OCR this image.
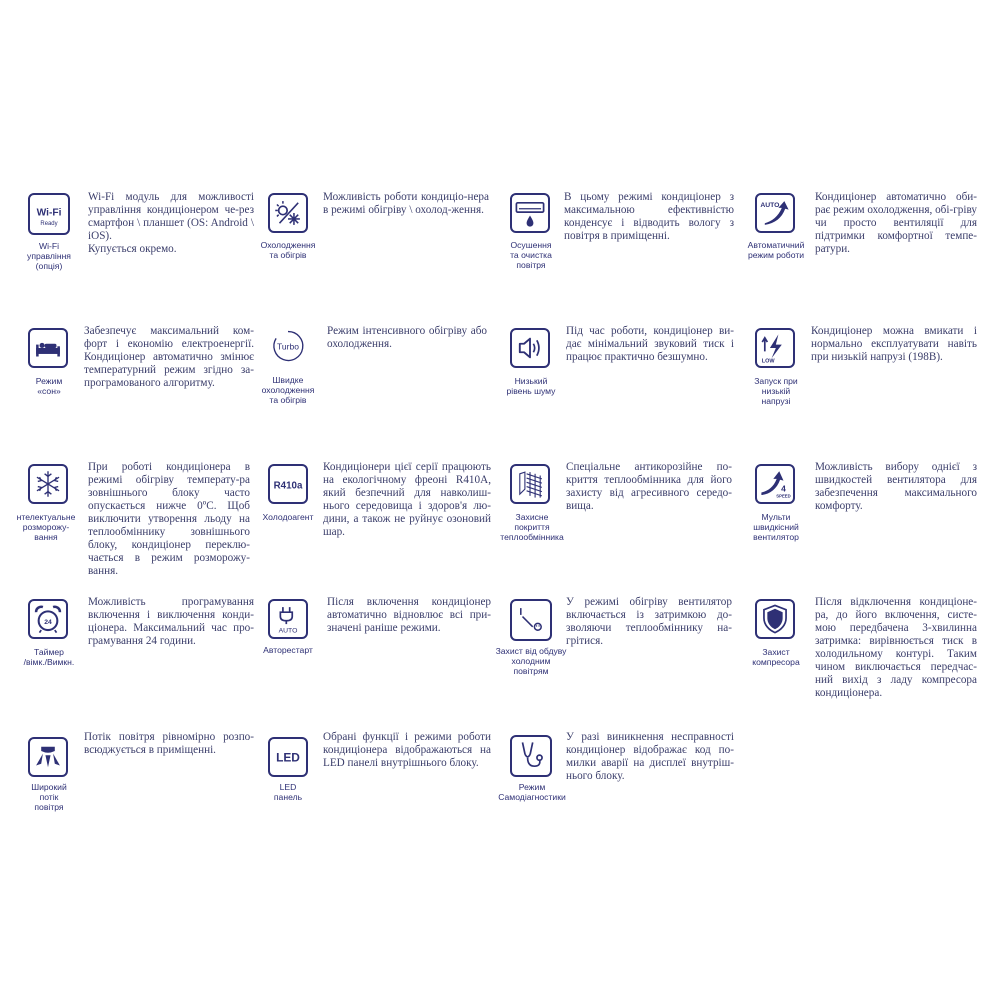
Wi-Fi
Ready
Wi-Fi
управління
(опція)
Wi-Fi модуль для можливості управління кондиціонером че-рез смартфон \ планшет (OS: Android \ iOS).
Купується окремо.	Охолодження
та обігрів
Можливість роботи кондиціо-нера в режимі обігріву \ охолод-ження.
Осушення
та очистка
повітря
В цьому режимі кондиціонер з максимальною ефективністю конденсує і відводить вологу з повітря в приміщенні.
AUTO
Автоматичний
режим роботи
Кондиціонер автоматично оби-рає режим охолодження, обі-гріву чи просто вентиляції для підтримки комфортної темпе-ратури.
Режим
«сон»
Забезпечує максимальний ком-форт і економію електроенергії. Кондиціонер автоматично змінює температурний режим згідно за-програмованого алгоритму.
Turbo
Швидке
охолодження
та обігрів
Режим інтенсивного обігріву або охолодження.
Низький
рівень шуму
Під час роботи, кондиціонер ви-дає мінімальний звуковий тиск і працює практично безшумно.	LOW
Запуск при
низькій
напрузі
Кондиціонер можна вмикати і нормально експлуатувати навіть при низькій напрузі (198В).
нтелектуальне
розморожу-
вання
При роботі кондиціонера в режимі обігріву температу-ра зовнішнього блоку часто опускається нижче 0ºC. Щоб виключити утворення льоду на теплообміннику зовнішнього блоку, кондиціонер переклю-чається в режим розморожу-вання.
R410a
Холодоагент
Кондиціонери цієї серії працюють на екологічному фреоні R410A, який безпечний для навколиш-нього середовища і здоров'я лю-дини, а також не руйнує озоновий шар.
Захисне
покриття
теплообмінника
Спеціальне антикорозійне по-криття теплообмінника для його захисту від агресивного середо-вища.
4
SPEED
Мульти
швидкісний
вентилятор
Можливість вибору однієї з швидкостей вентилятора для забезпечення максимального комфорту.
24
Таймер
/вімк./Вимкн.
Можливість програмування включення і виключення конди-ціонера. Максимальний час про-грамування 24 години.
AUTO
Авторестарт
Після включення кондиціонер автоматично відновлює всі при-значені раніше режими.
Захист від обдуву
холодним
повітрям
У режимі обігріву вентилятор включається із затримкою до-зволяючи теплообміннику на-грітися.
Захист
компресора
Після відключення кондиціоне-ра, до його включення, систе-мою передбачена 3-хвилинна затримка: вирівнюється тиск в холодильному контурі. Таким чином виключається передчас-ний вихід з ладу компресора кондиціонера.
Широкий
потік
повітря
Потік повітря рівномірно розпо-всюджується в приміщенні.
LED
LED
панель
Обрані функції і режими роботи кондиціонера відображаються на LED панелі внутрішнього блоку.
Режим
Самодіагностики
У разі виникнення несправності кондиціонер відображає код по-милки аварії на дисплеї внутріш-нього блоку.
